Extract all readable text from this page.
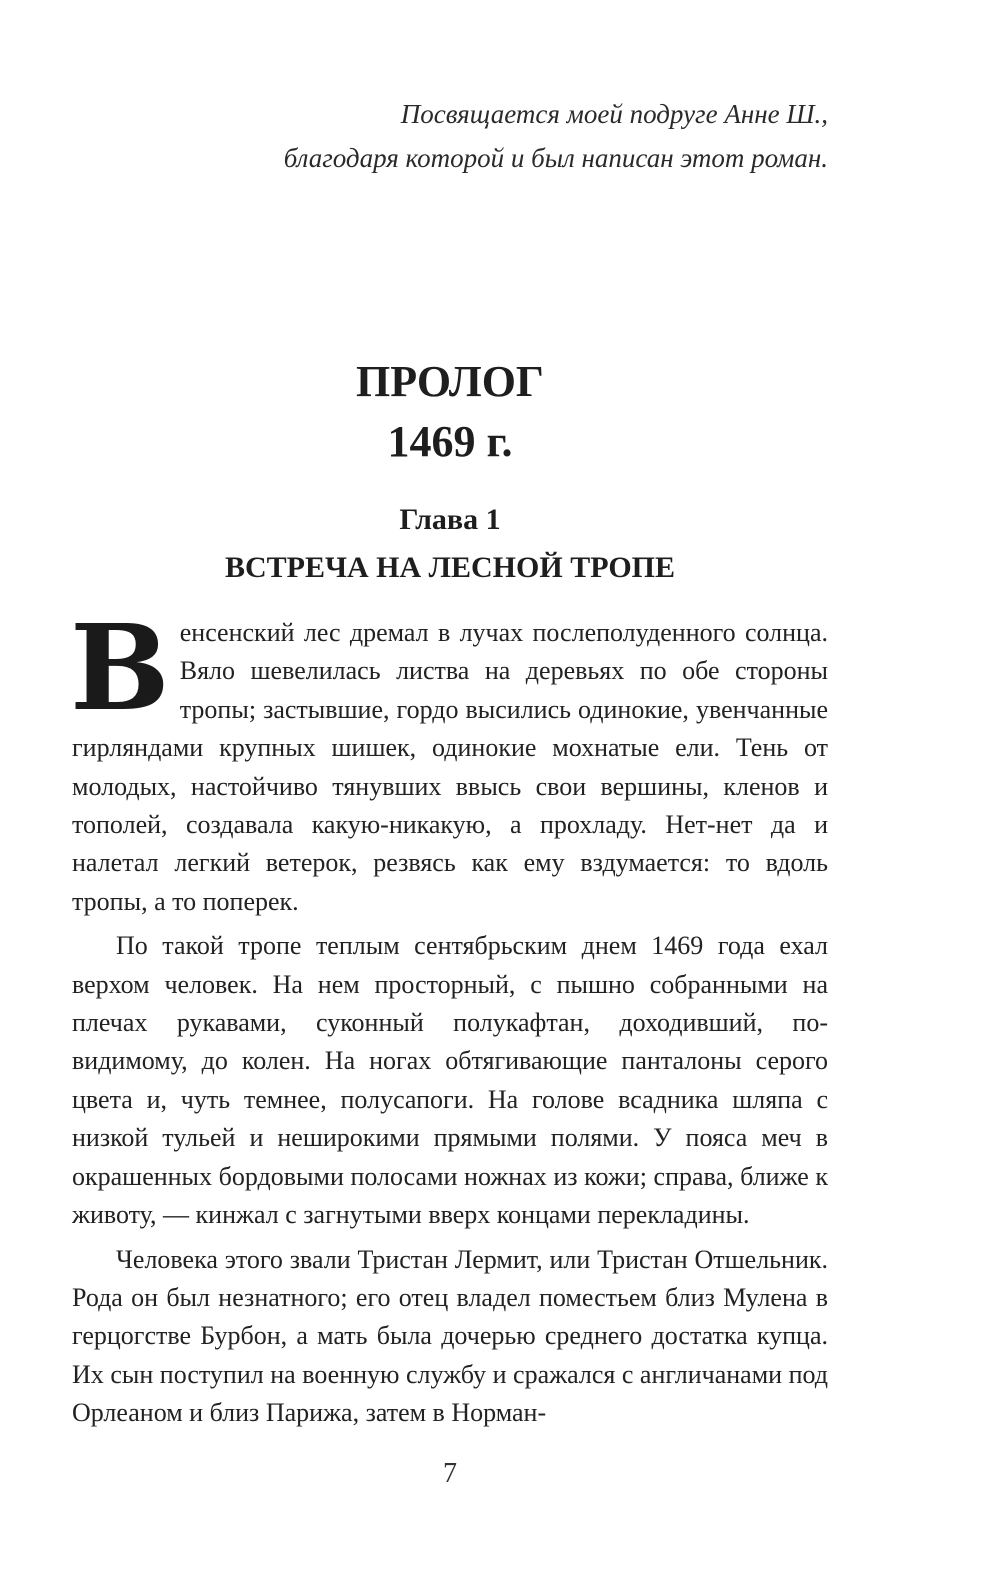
Посвящается моей подруге Анне Ш.,
благодаря которой и был написан этот роман.
ПРОЛОГ
1469 г.
Глава 1
ВСТРЕЧА НА ЛЕСНОЙ ТРОПЕ

Венсенский лес дремал в лучах послеполуденного солнца. Вяло шевелилась листва на деревьях по обе стороны тропы; застывшие, гордо высились одинокие, увенчанные гирляндами крупных шишек, одинокие мохнатые ели. Тень от молодых, настойчиво тянувших ввысь свои вершины, кленов и тополей, создавала какую-никакую, а прохладу. Нет-нет да и налетал легкий ветерок, резвясь как ему вздумается: то вдоль тропы, а то поперек.

По такой тропе теплым сентябрьским днем 1469 года ехал верхом человек. На нем просторный, с пышно собранными на плечах рукавами, суконный полукафтан, доходивший, по-видимому, до колен. На ногах обтягивающие панталоны серого цвета и, чуть темнее, полусапоги. На голове всадника шляпа с низкой тульей и неширокими прямыми полями. У пояса меч в окрашенных бордовыми полосами ножнах из кожи; справа, ближе к животу, — кинжал с загнутыми вверх концами перекладины.

Человека этого звали Тристан Лермит, или Тристан Отшельник. Рода он был незнатного; его отец владел поместьем близ Мулена в герцогстве Бурбон, а мать была дочерью среднего достатка купца. Их сын поступил на военную службу и сражался с англичанами под Орлеаном и близ Парижа, затем в Норман-

7
